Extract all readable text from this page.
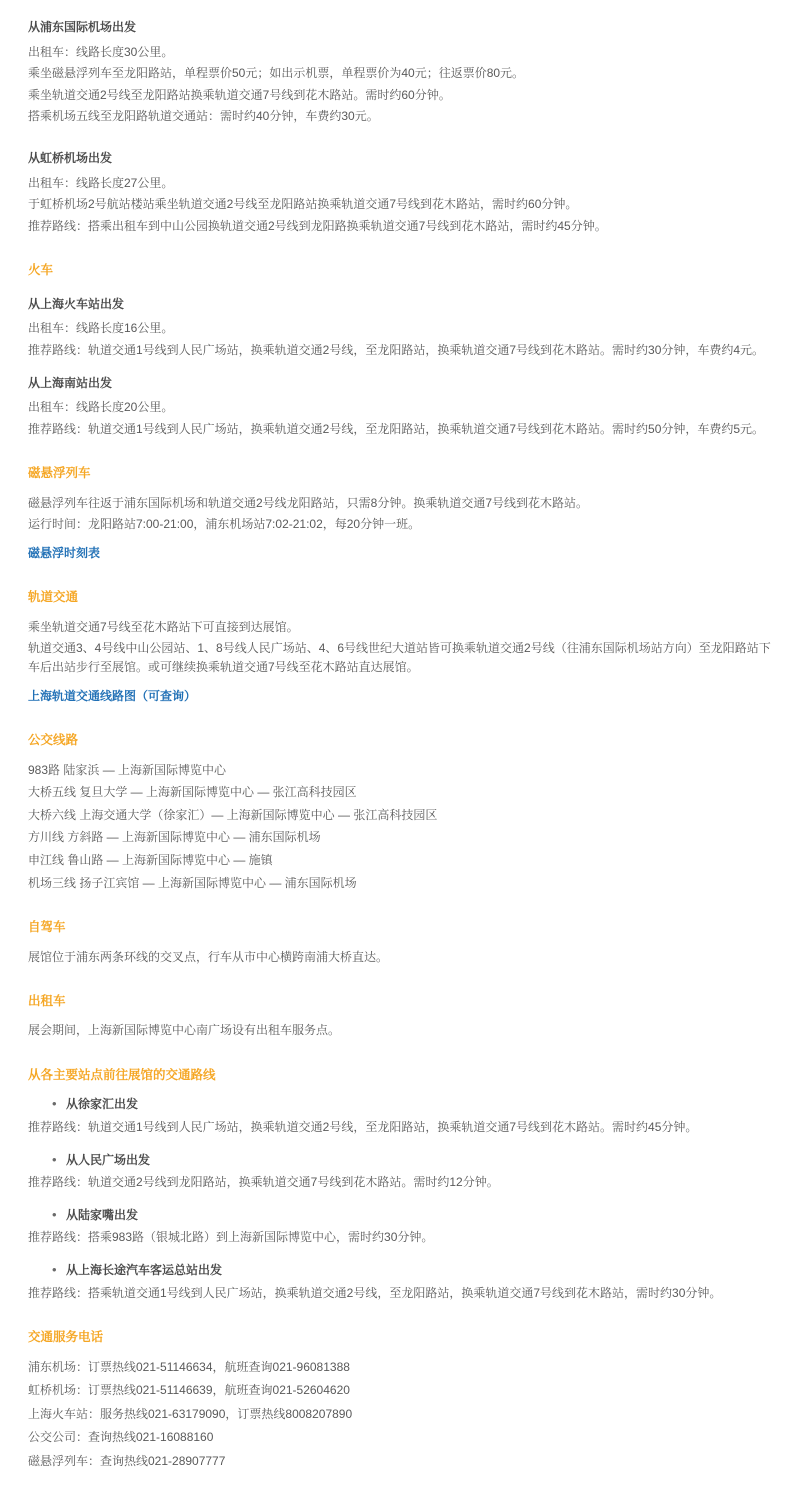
从浦东国际机场出发

出租车：线路长度30公里。

乘坐磁悬浮列车至龙阳路站，单程票价50元；如出示机票，单程票价为40元；往返票价80元。

乘坐轨道交通2号线至龙阳路站换乘轨道交通7号线到花木路站。需时约60分钟。

搭乘机场五线至龙阳路轨道交通站：需时约40分钟，车费约30元。

从虹桥机场出发

出租车：线路长度27公里。

于虹桥机场2号航站楼站乘坐轨道交通2号线至龙阳路站换乘轨道交通7号线到花木路站，需时约60分钟。

推荐路线：搭乘出租车到中山公园换轨道交通2号线到龙阳路换乘轨道交通7号线到花木路站，需时约45分钟。

火车
从上海火车站出发

出租车：线路长度16公里。

推荐路线：轨道交通1号线到人民广场站，换乘轨道交通2号线，至龙阳路站，换乘轨道交通7号线到花木路站。需时约30分钟，车费约4元。

从上海南站出发

出租车：线路长度20公里。

推荐路线：轨道交通1号线到人民广场站，换乘轨道交通2号线，至龙阳路站，换乘轨道交通7号线到花木路站。需时约50分钟，车费约5元。

磁悬浮列车

磁悬浮列车往返于浦东国际机场和轨道交通2号线龙阳路站，只需8分钟。换乘轨道交通7号线到花木路站。

运行时间：龙阳路站7:00-21:00，浦东机场站7:02-21:02，每20分钟一班。

磁悬浮时刻表
轨道交通

乘坐轨道交通7号线至花木路站下可直接到达展馆。

轨道交通3、4号线中山公园站、1、8号线人民广场站、4、6号线世纪大道站皆可换乘轨道交通2号线（往浦东国际机场站方向）至龙阳路站下车后出站步行至展馆。或可继续换乘轨道交通7号线至花木路站直达展馆。

上海轨道交通线路图（可查询）
公交线路

983路 陆家浜 — 上海新国际博览中心

大桥五线 复旦大学 — 上海新国际博览中心 — 张江高科技园区

大桥六线 上海交通大学（徐家汇）— 上海新国际博览中心 — 张江高科技园区

方川线 方斜路 — 上海新国际博览中心 — 浦东国际机场

申江线 鲁山路 — 上海新国际博览中心 — 施镇

机场三线 扬子江宾馆 — 上海新国际博览中心 — 浦东国际机场

自驾车

展馆位于浦东两条环线的交叉点，行车从市中心横跨南浦大桥直达。

出租车

展会期间，上海新国际博览中心南广场设有出租车服务点。

从各主要站点前往展馆的交通路线
• 从徐家汇出发

推荐路线：轨道交通1号线到人民广场站，换乘轨道交通2号线，至龙阳路站，换乘轨道交通7号线到花木路站。需时约45分钟。

• 从人民广场出发

推荐路线：轨道交通2号线到龙阳路站，换乘轨道交通7号线到花木路站。需时约12分钟。

• 从陆家嘴出发

推荐路线：搭乘983路（银城北路）到上海新国际博览中心，需时约30分钟。

• 从上海长途汽车客运总站出发

推荐路线：搭乘轨道交通1号线到人民广场站，换乘轨道交通2号线，至龙阳路站，换乘轨道交通7号线到花木路站，需时约30分钟。

交通服务电话

浦东机场：订票热线021-51146634，航班查询021-96081388

虹桥机场：订票热线021-51146639，航班查询021-52604620

上海火车站：服务热线021-63179090，订票热线8008207890

公交公司：查询热线021-16088160

磁悬浮列车：查询热线021-28907777
